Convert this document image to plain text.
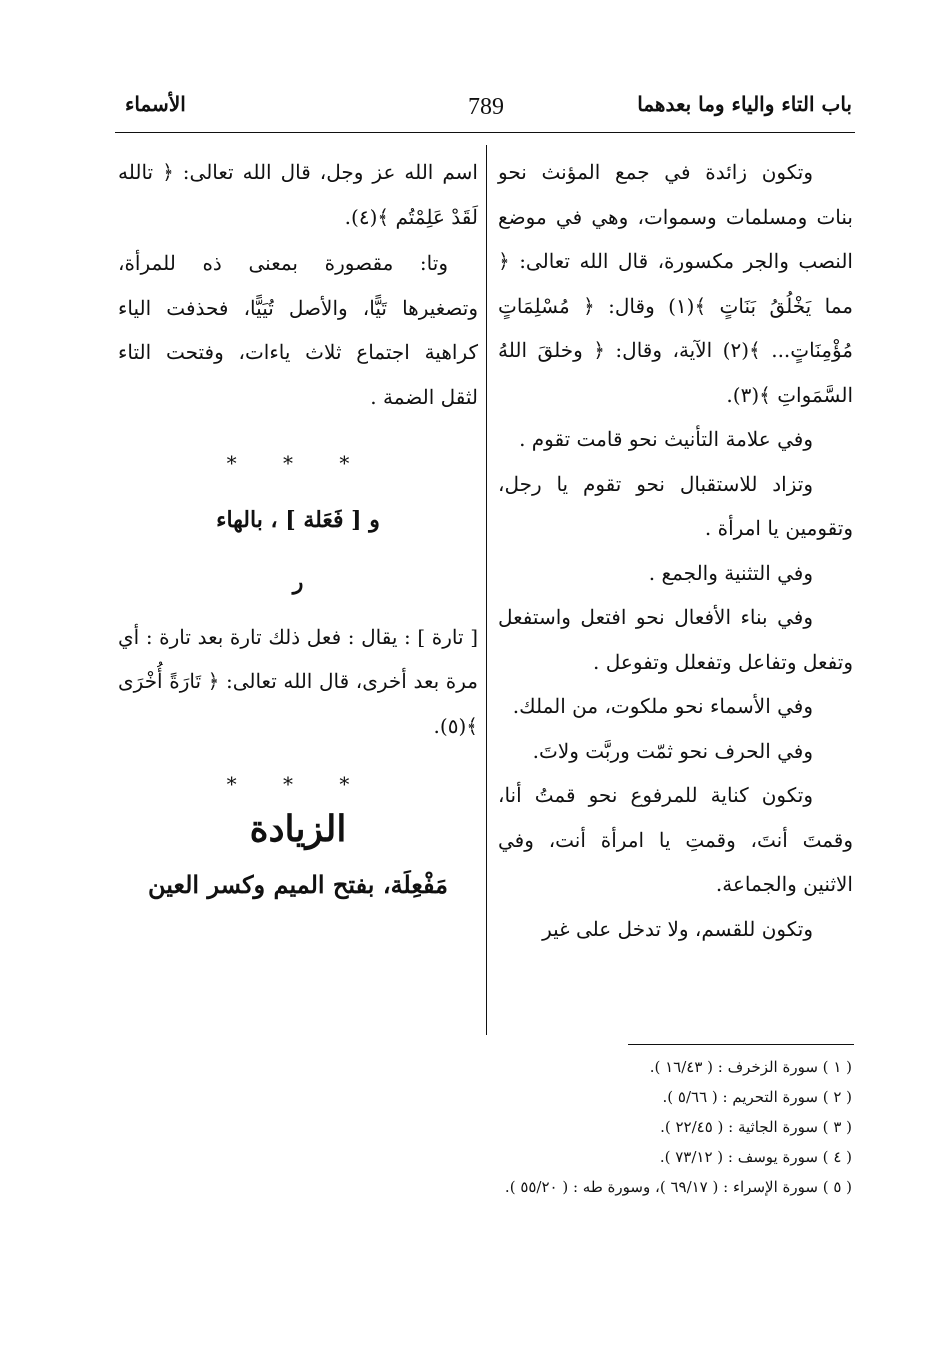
باب التاء والياء وما بعدهما
789
الأسماء

وتكون زائدة في جمع المؤنث نحو بنات ومسلمات وسموات، وهي في موضع النصب والجر مكسورة، قال الله تعالى: ﴿ مما يَخْلُقُ بَنَاتٍ ﴾(١) وقال: ﴿ مُسْلِمَاتٍ مُؤْمِنَاتٍ... ﴾(٢) الآية، وقال: ﴿ وخلقَ اللهُ السَّمَواتِ ﴾(٣).

وفي علامة التأنيث نحو قامت تقوم .

وتزاد للاستقبال نحو تقوم يا رجل، وتقومين يا امرأة .

وفي التثنية والجمع .

وفي بناء الأفعال نحو افتعل واستفعل وتفعل وتفاعل وتفعلل وتفوعل .

وفي الأسماء نحو ملكوت، من الملك.

وفي الحرف نحو ثمّت وربَّت ولاتَ.

وتكون كناية للمرفوع نحو قمتُ أنا، وقمتَ أنتَ، وقمتِ يا امرأة أنت، وفي الاثنين والجماعة.

وتكون للقسم، ولا تدخل على غير

اسم الله عز وجل، قال الله تعالى: ﴿ تالله لَقَدْ عَلِمْتُم ﴾(٤).

وتا: مقصورة بمعنى ذه للمرأة، وتصغيرها تَيًّا، والأصل تُيَيًّا، فحذفت الياء كراهية اجتماع ثلاث ياءات، وفتحت التاء لثقل الضمة .

* * *
و [ فَعَلة ] ، بالهاء
ر

[ تارة ] : يقال : فعل ذلك تارة بعد تارة : أي مرة بعد أخرى، قال الله تعالى: ﴿ تَارَةً أُخْرَى ﴾(٥).

* * *
الزيادة
مَفْعِلَة، بفتح الميم وكسر العين
( ١ ) سورة الزخرف : ( ١٦/٤٣ ).
( ٢ ) سورة التحريم : ( ٥/٦٦ ).
( ٣ ) سورة الجاثية : ( ٢٢/٤٥ ).
( ٤ ) سورة يوسف : ( ٧٣/١٢ ).
( ٥ ) سورة الإسراء : ( ٦٩/١٧ )، وسورة طه : ( ٥٥/٢٠ ).
